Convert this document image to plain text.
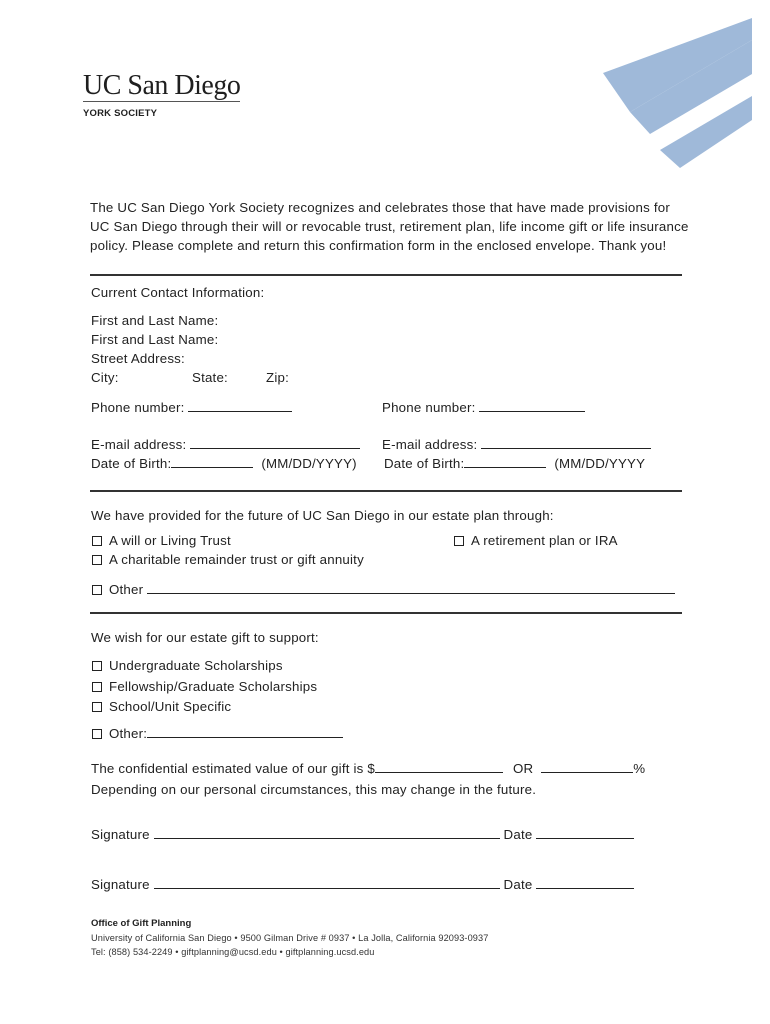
UC San Diego
YORK SOCIETY
The UC San Diego York Society recognizes and celebrates those that have made provisions for UC San Diego through their will or revocable trust, retirement plan, life income gift or life insurance policy. Please complete and return this confirmation form in the enclosed envelope. Thank you!
Current Contact Information:
First and Last Name:
First and Last Name:
Street Address:
City:	State:	Zip:
Phone number:	Phone number:
E-mail address:	E-mail address:
Date of Birth:	(MM/DD/YYYY) Date of Birth:	(MM/DD/YYYY
We have provided for the future of UC San Diego in our estate plan through:
A will or Living Trust	A retirement plan or IRA
A charitable remainder trust or gift annuity
Other
We wish for our estate gift to support:
Undergraduate Scholarships
Fellowship/Graduate Scholarships
School/Unit Specific
Other:
The confidential estimated value of our gift is $	OR	%
Depending on our personal circumstances, this may change in the future.
Signature	Date
Signature	Date
Office of Gift Planning
University of California San Diego • 9500 Gilman Drive # 0937 • La Jolla, California 92093-0937
Tel: (858) 534-2249 • giftplanning@ucsd.edu • giftplanning.ucsd.edu
